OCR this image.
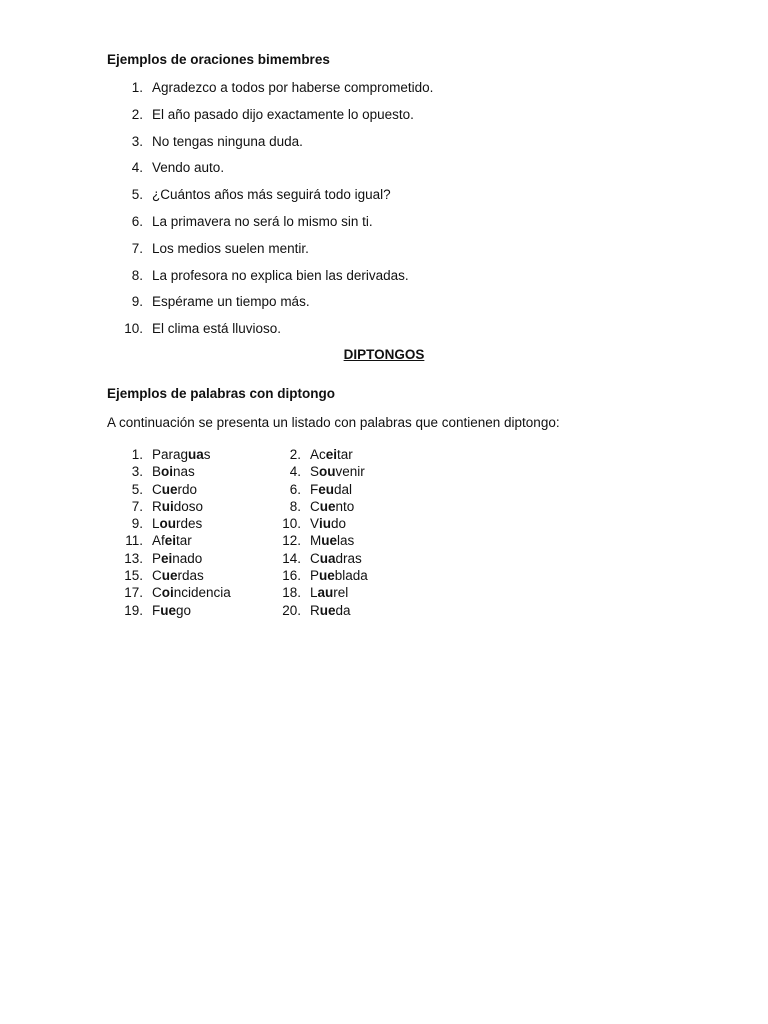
Ejemplos de oraciones bimembres
1. Agradezco a todos por haberse comprometido.
2. El año pasado dijo exactamente lo opuesto.
3. No tengas ninguna duda.
4. Vendo auto.
5. ¿Cuántos años más seguirá todo igual?
6. La primavera no será lo mismo sin ti.
7. Los medios suelen mentir.
8. La profesora no explica bien las derivadas.
9. Espérame un tiempo más.
10. El clima está lluvioso.
DIPTONGOS
Ejemplos de palabras con diptongo
A continuación se presenta un listado con palabras que contienen diptongo:
1. Paraguas
3. Boinas
5. Cuerdo
7. Ruidoso
9. Lourdes
11. Afeitar
13. Peinado
15. Cuerdas
17. Coincidencia
19. Fuego
2. Aceitar
4. Souvenir
6. Feudal
8. Cuento
10. Viudo
12. Muelas
14. Cuadras
16. Pueblada
18. Laurel
20. Rueda
